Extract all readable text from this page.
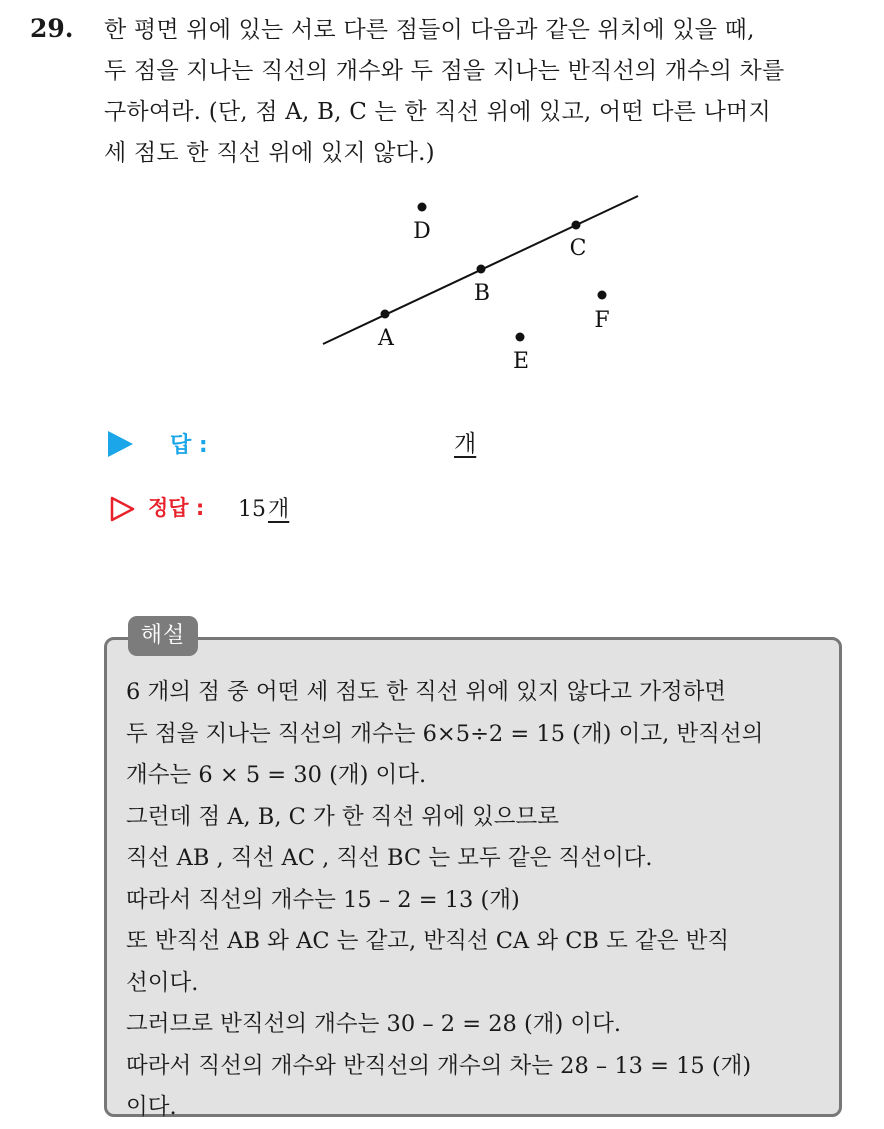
29. 한 평면 위에 있는 서로 다른 점들이 다음과 같은 위치에 있을 때,
두 점을 지나는 직선의 개수와 두 점을 지나는 반직선의 개수의 차를
구하여라. (단, 점 A, B, C 는 한 직선 위에 있고, 어떤 다른 나머지
세 점도 한 직선 위에 있지 않다.)
A
B
C
D
E
F
답 :	개
정답 : 15개
해설
6 개의 점 중 어떤 세 점도 한 직선 위에 있지 않다고 가정하면
두 점을 지나는 직선의 개수는 6×5÷2 = 15 (개) 이고, 반직선의
개수는 6 × 5 = 30 (개) 이다.
그런데 점 A, B, C 가 한 직선 위에 있으므로
직선 AB , 직선 AC , 직선 BC 는 모두 같은 직선이다.
따라서 직선의 개수는 15 – 2 = 13 (개)
또 반직선 AB 와 AC 는 같고, 반직선 CA 와 CB 도 같은 반직
선이다.
그러므로 반직선의 개수는 30 – 2 = 28 (개) 이다.
따라서 직선의 개수와 반직선의 개수의 차는 28 – 13 = 15 (개)
이다.
